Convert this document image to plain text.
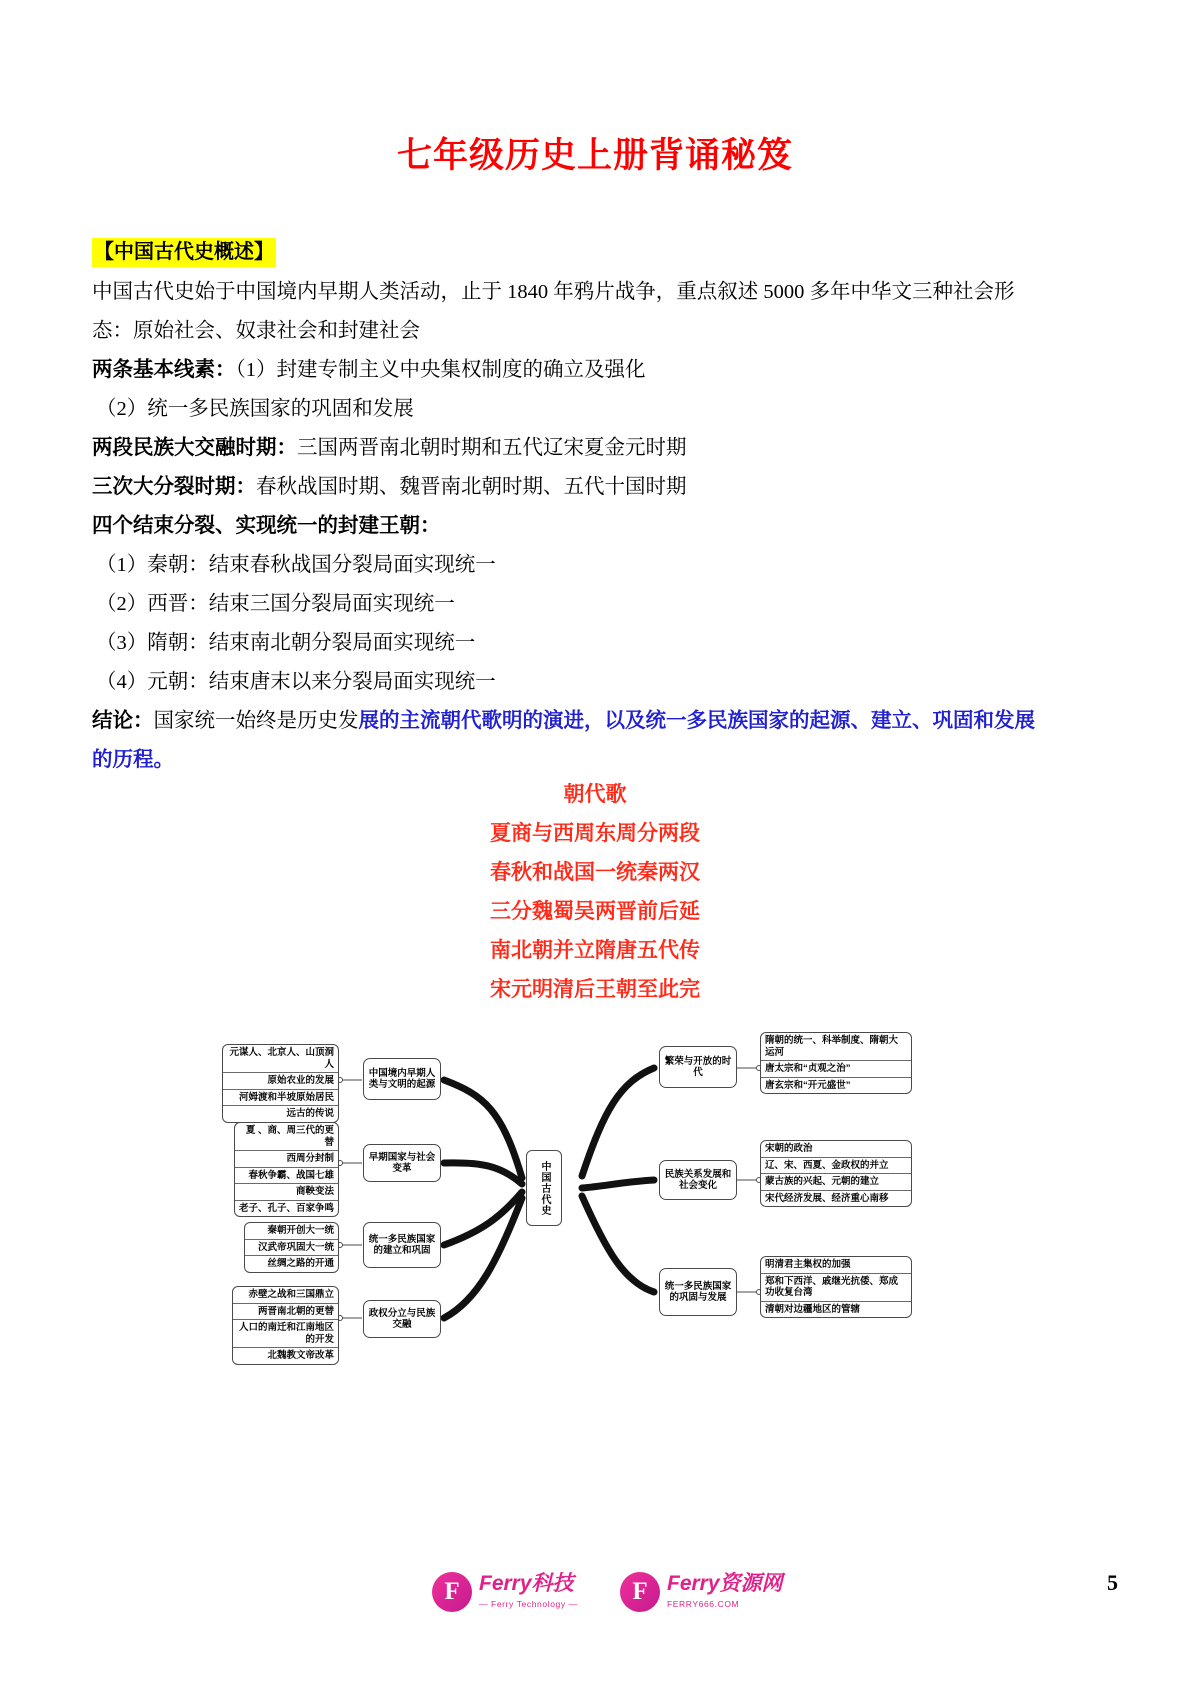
七年级历史上册背诵秘笈
【中国古代史概述】

中国古代史始于中国境内早期人类活动，止于 1840 年鸦片战争，重点叙述 5000 多年中华文三种社会形
态：原始社会、奴隶社会和封建社会

两条基本线素：（1）封建专制主义中央集权制度的确立及强化

（2）统一多民族国家的巩固和发展

两段民族大交融时期：三国两晋南北朝时期和五代辽宋夏金元时期

三次大分裂时期：春秋战国时期、魏晋南北朝时期、五代十国时期

四个结束分裂、实现统一的封建王朝：

（1）秦朝：结束春秋战国分裂局面实现统一

（2）西晋：结束三国分裂局面实现统一

（3）隋朝：结束南北朝分裂局面实现统一

（4）元朝：结束唐末以来分裂局面实现统一

结论：国家统一始终是历史发展的主流朝代歌明的演进，以及统一多民族国家的起源、建立、巩固和发展
的历程。

朝代歌
夏商与西周东周分两段
春秋和战国一统秦两汉
三分魏蜀吴两晋前后延
南北朝并立隋唐五代传
宋元明清后王朝至此完
中国古代史
中国境内早期人类与文明的起源
早期国家与社会变革
统一多民族国家的建立和巩固
政权分立与民族交融
元谋人、北京人、山顶洞人
原始农业的发展
河姆渡和半坡原始居民
远古的传说
夏 、商、周三代的更替
西周分封制
春秋争霸、战国七雄
商鞅变法
老子、孔子、百家争鸣
秦朝开创大一统
汉武帝巩固大一统
丝绸之路的开通
赤壁之战和三国鼎立
两晋南北朝的更替
人口的南迁和江南地区的开发
北魏教文帝改革
繁荣与开放的时代
民族关系发展和社会变化
统一多民族国家的巩固与发展
隋朝的统一、科举制度、隋朝大运河
唐太宗和“贞观之治”
唐玄宗和“开元盛世”
宋朝的政治
辽、宋、西夏、金政权的并立
蒙古族的兴起、元朝的建立
宋代经济发展、经济重心南移
明清君主集权的加强
郑和下西洋、戚继光抗倭、郑成功收复台湾
清朝对边疆地区的管辖
F Ferry科技
— Ferry Technology —	F Ferry资源网
FERRY666.COM
5
